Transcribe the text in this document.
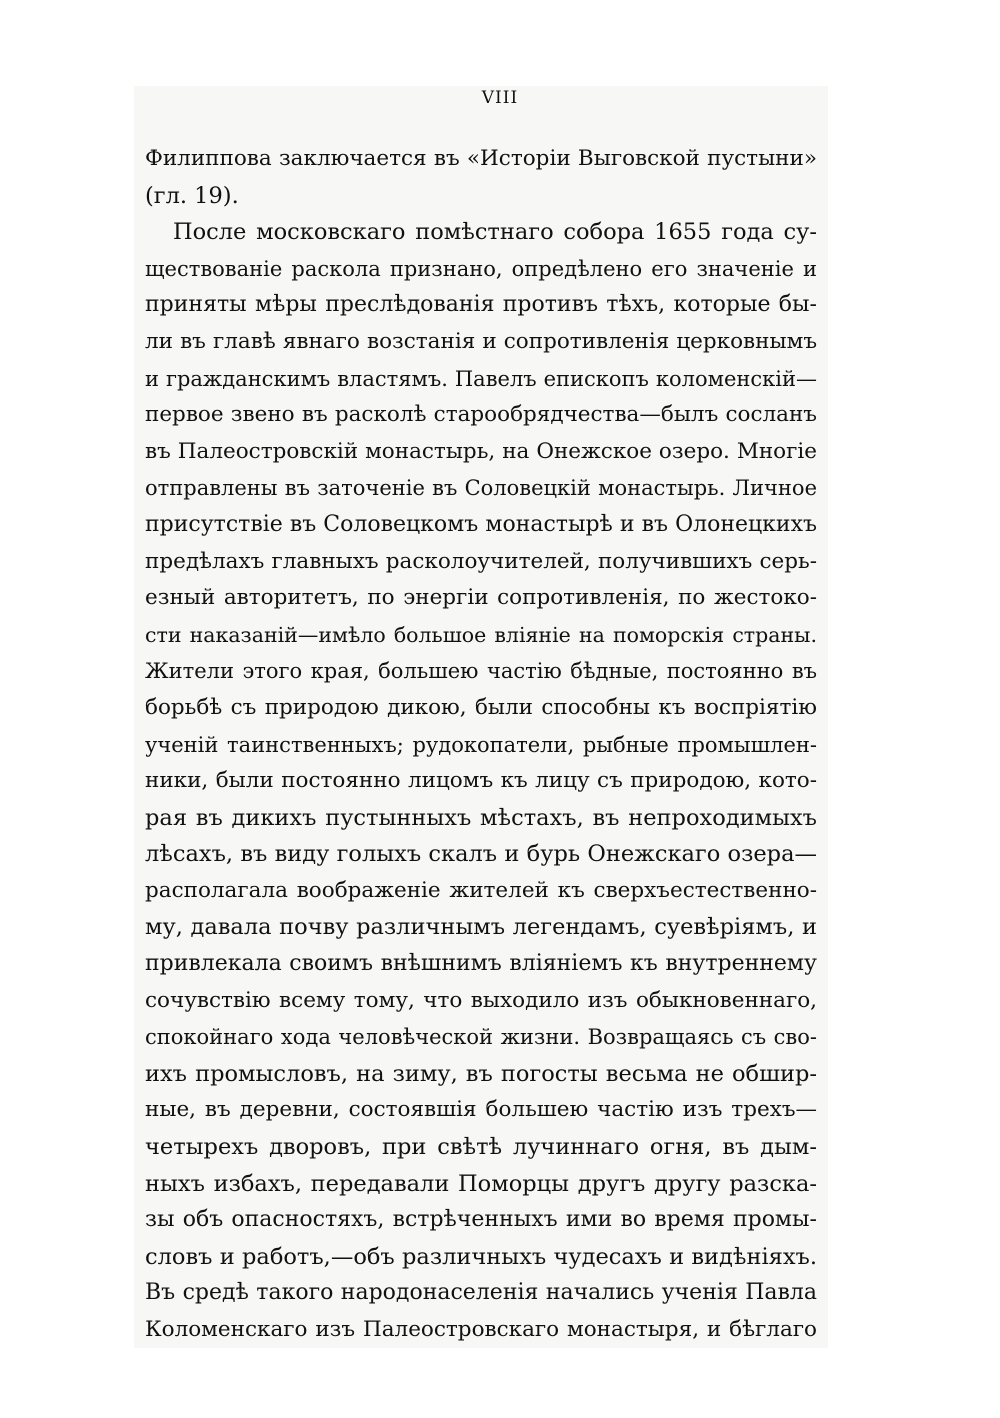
VIII
Филиппова заключается въ «Исторіи Выговской пустыни»
(гл. 19).
После московскаго помѣстнаго собора 1655 года су-
ществованіе раскола признано, опредѣлено его значеніе и
приняты мѣры преслѣдованія противъ тѣхъ, которые бы-
ли въ главѣ явнаго возстанія и сопротивленія церковнымъ
и гражданскимъ властямъ. Павелъ епископъ коломенскій—
первое звено въ расколѣ старообрядчества—былъ сосланъ
въ Палеостровскій монастырь, на Онежское озеро. Многіе
отправлены въ заточеніе въ Соловецкій монастырь. Личное
присутствіе въ Соловецкомъ монастырѣ и въ Олонецкихъ
предѣлахъ главныхъ расколоучителей, получившихъ серь-
езный авторитетъ, по энергіи сопротивленія, по жестоко-
сти наказаній—имѣло большое вліяніе на поморскія страны.
Жители этого края, большею частію бѣдные, постоянно въ
борьбѣ съ природою дикою, были способны къ воспріятію
ученій таинственныхъ; рудокопатели, рыбные промышлен-
ники, были постоянно лицомъ къ лицу съ природою, кото-
рая въ дикихъ пустынныхъ мѣстахъ, въ непроходимыхъ
лѣсахъ, въ виду голыхъ скалъ и бурь Онежскаго озера—
располагала воображеніе жителей къ сверхъестественно-
му, давала почву различнымъ легендамъ, суевѣріямъ, и
привлекала своимъ внѣшнимъ вліяніемъ къ внутреннему
сочувствію всему тому, что выходило изъ обыкновеннаго,
спокойнаго хода человѣческой жизни. Возвращаясь съ сво-
ихъ промысловъ, на зиму, въ погосты весьма не обшир-
ные, въ деревни, состоявшія большею частію изъ трехъ—
четырехъ дворовъ, при свѣтѣ лучиннаго огня, въ дым-
ныхъ избахъ, передавали Поморцы другъ другу разска-
зы объ опасностяхъ, встрѣченныхъ ими во время промы-
словъ и работъ,—объ различныхъ чудесахъ и видѣніяхъ.
Въ средѣ такого народонаселенія начались ученія Павла
Коломенскаго изъ Палеостровскаго монастыря, и бѣглаго
